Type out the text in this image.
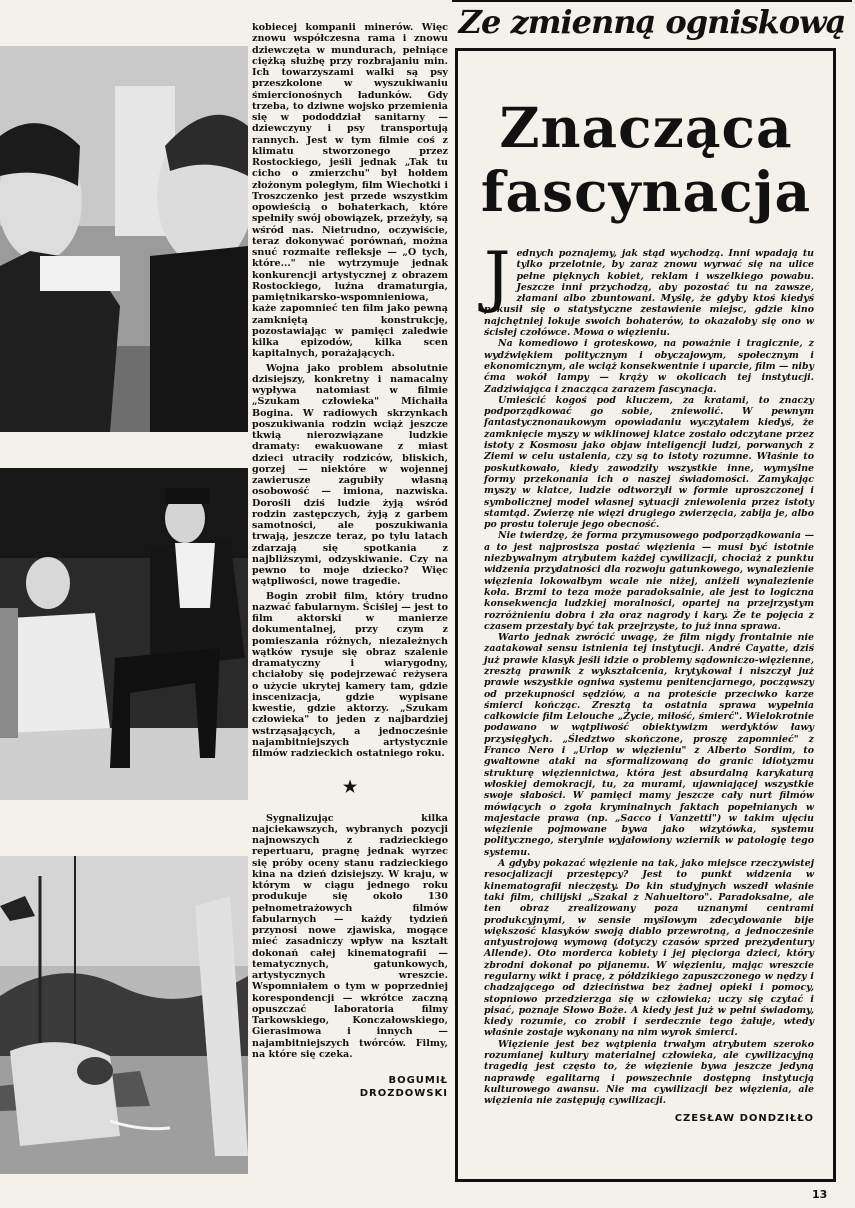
kobiecej kompanii minerów. Więc znowu współczesna rama i znowu dziewczęta w mundurach, pełniące ciężką służbę przy rozbrajaniu min. Ich towarzyszami walki są psy przeszkolone w wyszukiwaniu śmiercionośnych ładunków. Gdy trzeba, to dziwne wojsko przemienia się w pododdział sanitarny — dziewczyny i psy transportują rannych. Jest w tym filmie coś z klimatu stworzonego przez Rostockiego, jeśli jednak „Tak tu cicho o zmierzchu" był hołdem złożonym poległym, film Wiechotki i Troszczenko jest przede wszystkim opowieścią o bohaterkach, które spełniły swój obowiązek, przeżyły, są wśród nas. Nietrudno, oczywiście, teraz dokonywać porównań, można snuć rozmaite refleksje — „O tych, które..." nie wytrzymuje jednak konkurencji artystycznej z obrazem Rostockiego, luźna dramaturgia, pamiętnikarsko-wspomnieniowa, każe zapomnieć ten film jako pewną zamkniętą konstrukcję, pozostawiając w pamięci zaledwie kilka epizodów, kilka scen kapitalnych, porażających.

Wojna jako problem absolutnie dzisiejszy, konkretny i namacalny wypływa natomiast w filmie „Szukam człowieka" Michaiła Bogina. W radiowych skrzynkach poszukiwania rodzin wciąż jeszcze tkwią nierozwiązane ludzkie dramaty: ewakuowane z miast dzieci utraciły rodziców, bliskich, gorzej — niektóre w wojennej zawierusze zagubiły własną osobowość — imiona, nazwiska. Dorośli dziś ludzie żyją wśród rodzin zastępczych, żyją z garbem samotności, ale poszukiwania trwają, jeszcze teraz, po tylu latach zdarzają się spotkania z najbliższymi, odzyskiwanie. Czy na pewno to moje dziecko? Więc wątpliwości, nowe tragedie.

Bogin zrobił film, który trudno nazwać fabularnym. Ściślej — jest to film aktorski w manierze dokumentalnej, przy czym z pomieszania różnych, niezależnych wątków rysuje się obraz szalenie dramatyczny i wiarygodny, chciałoby się podejrzewać reżysera o użycie ukrytej kamery tam, gdzie inscenizacja, gdzie wypisane kwestie, gdzie aktorzy. „Szukam człowieka" to jeden z najbardziej wstrząsających, a jednocześnie najambitniejszych artystycznie filmów radzieckich ostatniego roku.

★

Sygnalizując kilka najciekawszych, wybranych pozycji najnowszych z radzieckiego repertuaru, pragnę jednak wyrzec się próby oceny stanu radzieckiego kina na dzień dzisiejszy. W kraju, w którym w ciągu jednego roku produkuje się około 130 pełnometrażowych filmów fabularnych — każdy tydzień przynosi nowe zjawiska, mogące mieć zasadniczy wpływ na kształt dokonań całej kinematografii — tematycznych, gatunkowych, artystycznych wreszcie. Wspomniałem o tym w poprzedniej korespondencji — wkrótce zaczną opuszczać laboratoria filmy Tarkowskiego, Konczałowskiego, Gierasimowa i innych — najambitniejszych twórców. Filmy, na które się czeka.

BOGUMIŁ
DROZDOWSKI
Ze zmienną ogniskową
Znacząca
fascynacja

Jednych poznajemy, jak stąd wychodzą. Inni wpadają tu tylko przelotnie, by zaraz znowu wyrwać się na ulice pełne pięknych kobiet, reklam i wszelkiego powabu. Jeszcze inni przychodzą, aby pozostać tu na zawsze, złamani albo zbuntowani. Myślę, że gdyby ktoś kiedyś pokusił się o statystyczne zestawienie miejsc, gdzie kino najchętniej lokuje swoich bohaterów, to okazałoby się ono w ścisłej czołówce. Mowa o więzieniu.

Na komediowo i groteskowo, na poważnie i tragicznie, z wydźwiękiem politycznym i obyczajowym, społecznym i ekonomicznym, ale wciąż konsekwentnie i uparcie, film — niby ćma wokół lampy — krąży w okolicach tej instytucji. Zadziwiająca i znacząca zarazem fascynacja.

Umieścić kogoś pod kluczem, za kratami, to znaczy podporządkować go sobie, zniewolić. W pewnym fantastycznonaukowym opowiadaniu wyczytałem kiedyś, że zamknięcie myszy w wiklinowej klatce zostało odczytane przez istoty z Kosmosu jako objaw inteligencji ludzi, porwanych z Ziemi w celu ustalenia, czy są to istoty rozumne. Właśnie to poskutkowało, kiedy zawodziły wszystkie inne, wymyślne formy przekonania ich o naszej świadomości. Zamykając myszy w klatce, ludzie odtworzyli w formie uproszczonej i symbolicznej model własnej sytuacji zniewolenia przez istoty stamtąd. Zwierzę nie więzi drugiego zwierzęcia, zabija je, albo po prostu toleruje jego obecność.

Nie twierdzę, że forma przymusowego podporządkowania — a to jest najprostsza postać więzienia — musi być istotnie niezbywalnym atrybutem każdej cywilizacji, chociaż z punktu widzenia przydatności dla rozwoju gatunkowego, wynalezienie więzienia lokowałbym wcale nie niżej, aniżeli wynalezienie koła. Brzmi to teza może paradoksalnie, ale jest to logiczna konsekwencja ludzkiej moralności, opartej na przejrzystym rozróżnieniu dobra i zła oraz nagrody i kary. Że te pojęcia z czasem przestały być tak przejrzyste, to już inna sprawa.

Warto jednak zwrócić uwagę, że film nigdy frontalnie nie zaatakował sensu istnienia tej instytucji. André Cayatte, dziś już prawie klasyk jeśli idzie o problemy sądowniczo-więzienne, zresztą prawnik z wykształcenia, krytykował i niszczył już prawie wszystkie ogniwa systemu penitencjarnego, począwszy od przekupności sędziów, a na proteście przeciwko karze śmierci kończąc. Zresztą ta ostatnia sprawa wypełnia całkowicie film Lelouche „Życie, miłość, śmierć". Wielokrotnie podawano w wątpliwość obiektywizm werdyktów ławy przysięgłych. „Śledztwo skończone, proszę zapomnieć" z Franco Nero i „Urlop w więzieniu" z Alberto Sordim, to gwałtowne ataki na sformalizowaną do granic idiotyzmu strukturę więziennictwa, która jest absurdalną karykaturą włoskiej demokracji, tu, za murami, ujawniającej wszystkie swoje słabości. W pamięci mamy jeszcze cały nurt filmów mówiących o zgoła kryminalnych faktach popełnianych w majestacie prawa (np. „Sacco i Vanzetti") w takim ujęciu więzienie pojmowane bywa jako wizytówka, systemu politycznego, sterylnie wyjałowiony wziernik w patologię tego systemu.

A gdyby pokazać więzienie na tak, jako miejsce rzeczywistej resocjalizacji przestępcy? Jest to punkt widzenia w kinematografii nieczęsty. Do kin studyjnych wszedł właśnie taki film, chilijski „Szakal z Nahueltoro". Paradoksalne, ale ten obraz zrealizowany poza uznanymi centrami produkcyjnymi, w sensie myślowym zdecydowanie bije większość klasyków swoją diablo przewrotną, a jednocześnie antyustrojową wymową (dotyczy czasów sprzed prezydentury Allende). Oto morderca kobiety i jej pięciorga dzieci, który zbrodni dokonał po pijanemu. W więzieniu, mając wreszcie regularny wikt i pracę, z półdzikiego zapuszczonego w nędzy i chadzającego od dzieciństwa bez żadnej opieki i pomocy, stopniowo przedzierzga się w człowieka; uczy się czytać i pisać, poznaje Słowo Boże. A kiedy jest już w pełni świadomy, kiedy rozumie, co zrobił i serdecznie tego żałuje, wtedy właśnie zostaje wykonany na nim wyrok śmierci.

Więzienie jest bez wątpienia trwałym atrybutem szeroko rozumianej kultury materialnej człowieka, ale cywilizacyjną tragedią jest często to, że więzienie bywa jeszcze jedyną naprawdę egalitarną i powszechnie dostępną instytucją kulturowego awansu. Nie ma cywilizacji bez więzienia, ale więzienia nie zastępują cywilizacji.

CZESŁAW DONDZIŁŁO
13
